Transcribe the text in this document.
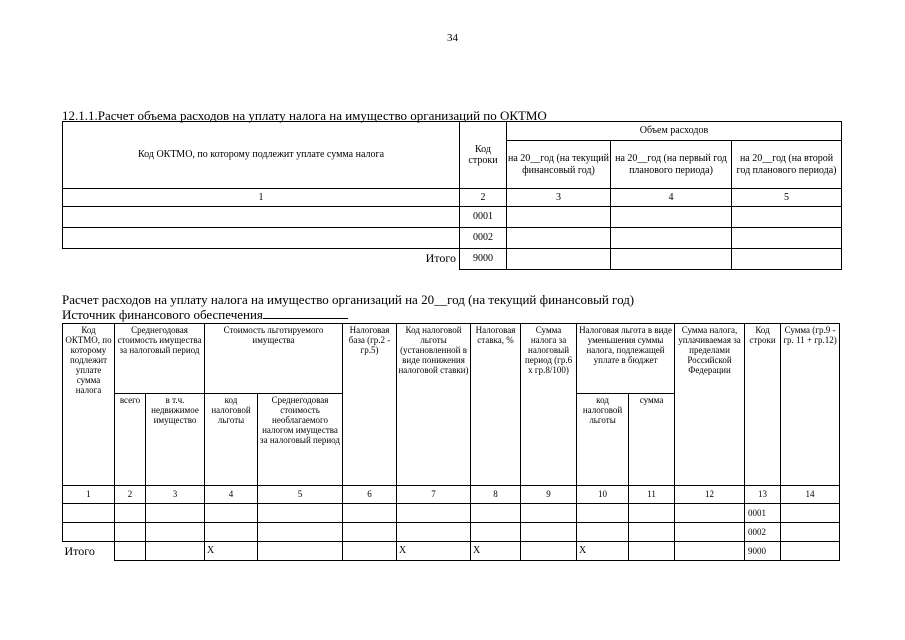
34
12.1.1.Расчет объема расходов на уплату налога на имущество организаций по ОКТМО
Код ОКТМО, по которому подлежит уплате сумма налога	Код строки	Объем расходов		
		на 20__год (на текущий финансовый год)	на 20__год (на первый год планового периода)	на 20__год (на второй год планового периода)
1	2	3	4	5
	0001			
	0002			
Итого	9000			
Расчет расходов на уплату налога на имущество организаций на 20__год (на текущий финансовый год)
Источник финансового обеспечения
Код ОКТМО, по которому подлежит уплате сумма налога	Среднегодовая стоимость имущества за налоговый период		Стоимость льготируемого имущества		Налоговая база (гр.2 - гр.5)	Код налоговой льготы (установленной в виде понижения налоговой ставки)	Налоговая ставка, %	Сумма налога за налоговый период (гр.6 х гр.8/100)	Налоговая льгота в виде уменьшения суммы налога, подлежащей уплате в бюджет		Сумма налога, уплачиваемая за пределами Российской Федерации	Код строки	Сумма (гр.9 - гр. 11 + гр.12)
	всего	в т.ч. недвижимое имущество	код налоговой льготы	Среднегодовая стоимость необлагаемого налогом имущества за налоговый период					код налоговой льготы	сумма			
1	2	3	4	5	6	7	8	9	10	11	12	13	14
												0001	
												0002	
Итого			X			X	X		X			9000	
